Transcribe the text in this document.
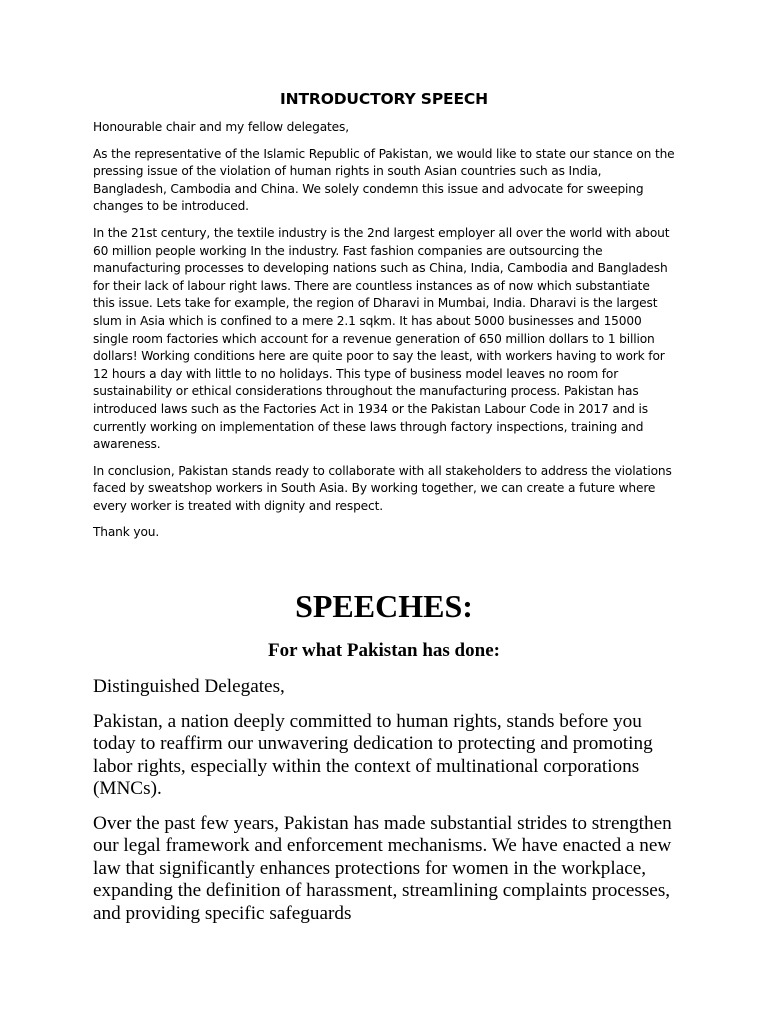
INTRODUCTORY SPEECH

Honourable chair and my fellow delegates,

As the representative of the Islamic Republic of Pakistan, we would like to state our stance on the pressing issue of the violation of human rights in south Asian countries such as India, Bangladesh, Cambodia and China. We solely condemn this issue and advocate for sweeping changes to be introduced.

In the 21st century, the textile industry is the 2nd largest employer all over the world with about 60 million people working In the industry. Fast fashion companies are outsourcing the manufacturing processes to developing nations such as China, India, Cambodia and Bangladesh for their lack of labour right laws. There are countless instances as of now which substantiate this issue. Lets take for example, the region of Dharavi in Mumbai, India. Dharavi is the largest slum in Asia which is confined to a mere 2.1 sqkm. It has about 5000 businesses and 15000 single room factories which account for a revenue generation of 650 million dollars to 1 billion dollars! Working conditions here are quite poor to say the least, with workers having to work for 12 hours a day with little to no holidays. This type of business model leaves no room for sustainability or ethical considerations throughout the manufacturing process. Pakistan has introduced laws such as the Factories Act in 1934 or the Pakistan Labour Code in 2017 and is currently working on implementation of these laws through factory inspections, training and awareness.

In conclusion, Pakistan stands ready to collaborate with all stakeholders to address the violations faced by sweatshop workers in South Asia. By working together, we can create a future where every worker is treated with dignity and respect.

Thank you.

SPEECHES:
For what Pakistan has done:

Distinguished Delegates,

Pakistan, a nation deeply committed to human rights, stands before you today to reaffirm our unwavering dedication to protecting and promoting labor rights, especially within the context of multinational corporations (MNCs).

Over the past few years, Pakistan has made substantial strides to strengthen our legal framework and enforcement mechanisms. We have enacted a new law that significantly enhances protections for women in the workplace, expanding the definition of harassment, streamlining complaints processes, and providing specific safeguards
